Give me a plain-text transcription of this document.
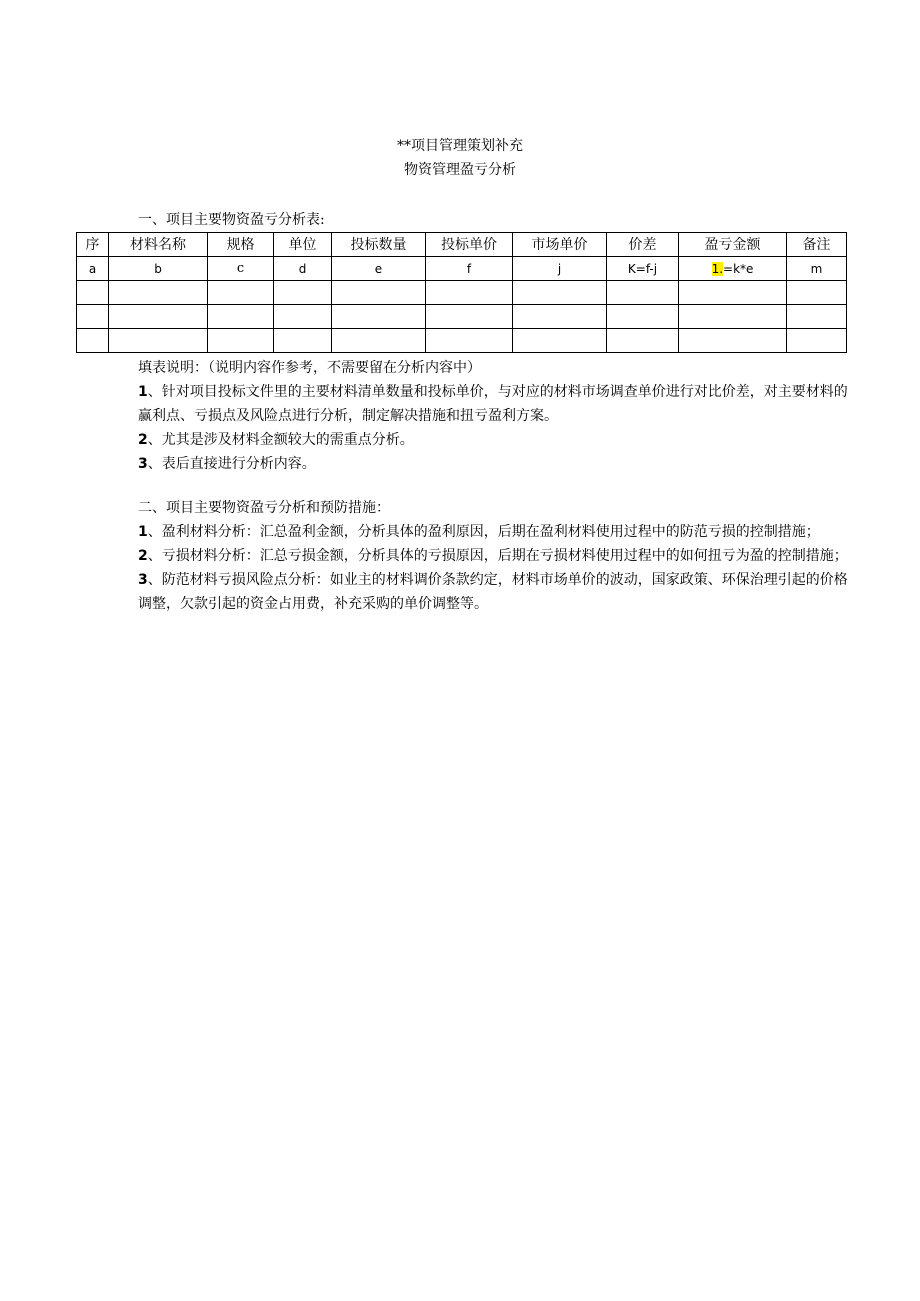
**项目管理策划补充
物资管理盈亏分析
一、项目主要物资盈亏分析表:
序	材料名称	规格	单位	投标数量	投标单价	市场单价	价差	盈亏金额	备注
a	b	c	d	e	f	j	K=f-j	1.=k*e	m

填表说明：（说明内容作参考，不需要留在分析内容中）

1、针对项目投标文件里的主要材料清单数量和投标单价，与对应的材料市场调查单价进行对比价差，对主要材料的赢利点、亏损点及风险点进行分析，制定解决措施和扭亏盈利方案。

2、尤其是涉及材料金额较大的需重点分析。

3、表后直接进行分析内容。

二、项目主要物资盈亏分析和预防措施：

1、盈利材料分析：汇总盈利金额，分析具体的盈利原因，后期在盈利材料使用过程中的防范亏损的控制措施；

2、亏损材料分析：汇总亏损金额，分析具体的亏损原因，后期在亏损材料使用过程中的如何扭亏为盈的控制措施；

3、防范材料亏损风险点分析：如业主的材料调价条款约定，材料市场单价的波动，国家政策、环保治理引起的价格调整，欠款引起的资金占用费，补充采购的单价调整等。
